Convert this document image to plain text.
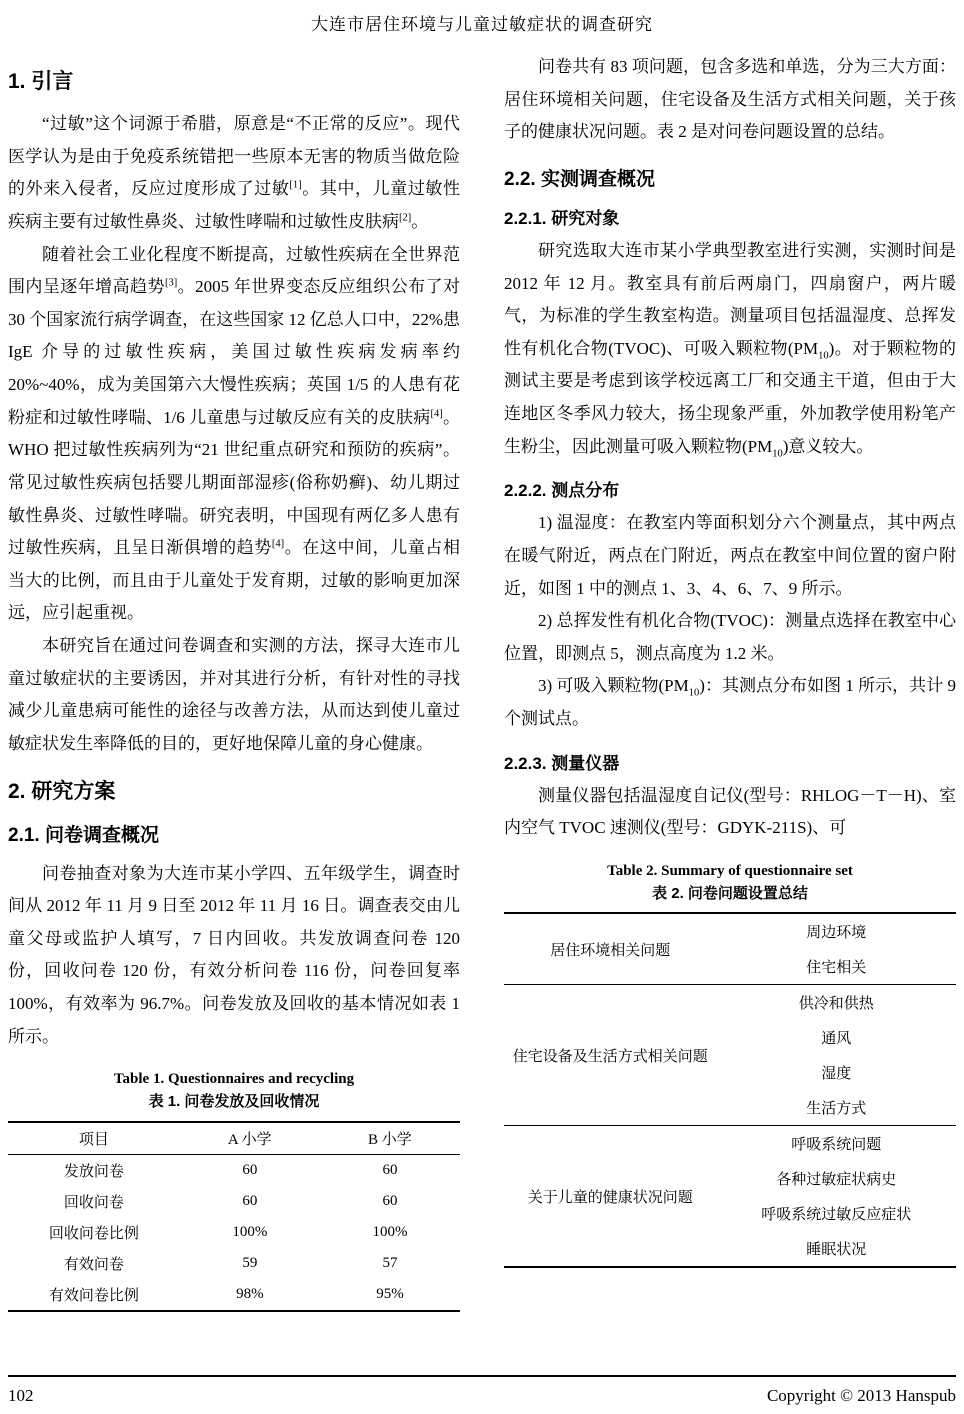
大连市居住环境与儿童过敏症状的调查研究
1. 引言

“过敏”这个词源于希腊，原意是“不正常的反应”。现代医学认为是由于免疫系统错把一些原本无害的物质当做危险的外来入侵者，反应过度形成了过敏[1]。其中，儿童过敏性疾病主要有过敏性鼻炎、过敏性哮喘和过敏性皮肤病[2]。

随着社会工业化程度不断提高，过敏性疾病在全世界范围内呈逐年增高趋势[3]。2005 年世界变态反应组织公布了对 30 个国家流行病学调查，在这些国家 12 亿总人口中，22%患 IgE 介导的过敏性疾病，美国过敏性疾病发病率约 20%~40%，成为美国第六大慢性疾病；英国 1/5 的人患有花粉症和过敏性哮喘、1/6 儿童患与过敏反应有关的皮肤病[4]。WHO 把过敏性疾病列为“21 世纪重点研究和预防的疾病”。常见过敏性疾病包括婴儿期面部湿疹(俗称奶癣)、幼儿期过敏性鼻炎、过敏性哮喘。研究表明，中国现有两亿多人患有过敏性疾病，且呈日渐俱增的趋势[4]。在这中间，儿童占相当大的比例，而且由于儿童处于发育期，过敏的影响更加深远，应引起重视。

本研究旨在通过问卷调查和实测的方法，探寻大连市儿童过敏症状的主要诱因，并对其进行分析，有针对性的寻找减少儿童患病可能性的途径与改善方法，从而达到使儿童过敏症状发生率降低的目的，更好地保障儿童的身心健康。

2. 研究方案
2.1. 问卷调查概况

问卷抽查对象为大连市某小学四、五年级学生，调查时间从 2012 年 11 月 9 日至 2012 年 11 月 16 日。调查表交由儿童父母或监护人填写，7 日内回收。共发放调查问卷 120 份，回收问卷 120 份，有效分析问卷 116 份，问卷回复率 100%，有效率为 96.7%。问卷发放及回收的基本情况如表 1 所示。

Table 1. Questionnaires and recycling
表 1. 问卷发放及回收情况
项目	A 小学	B 小学
发放问卷	60	60
回收问卷	60	60
回收问卷比例	100%	100%
有效问卷	59	57
有效问卷比例	98%	95%

问卷共有 83 项问题，包含多选和单选，分为三大方面：居住环境相关问题，住宅设备及生活方式相关问题，关于孩子的健康状况问题。表 2 是对问卷问题设置的总结。

2.2. 实测调查概况
2.2.1. 研究对象

研究选取大连市某小学典型教室进行实测，实测时间是 2012 年 12 月。教室具有前后两扇门，四扇窗户，两片暖气，为标准的学生教室构造。测量项目包括温湿度、总挥发性有机化合物(TVOC)、可吸入颗粒物$(PM_{10})$。对于颗粒物的测试主要是考虑到该学校远离工厂和交通主干道，但由于大连地区冬季风力较大，扬尘现象严重，外加教学使用粉笔产生粉尘，因此测量可吸入颗粒物$(PM_{10})$意义较大。

2.2.2. 测点分布

1) 温湿度：在教室内等面积划分六个测量点，其中两点在暖气附近，两点在门附近，两点在教室中间位置的窗户附近，如图 1 中的测点 1、3、4、6、7、9 所示。

2) 总挥发性有机化合物(TVOC)：测量点选择在教室中心位置，即测点 5，测点高度为 1.2 米。

3) 可吸入颗粒物$(PM_{10})$：其测点分布如图 1 所示，共计 9 个测试点。

2.2.3. 测量仪器

测量仪器包括温湿度自记仪(型号：RHLOG－T－H)、室内空气 TVOC 速测仪(型号：GDYK-211S)、可

Table 2. Summary of questionnaire set
表 2. 问卷问题设置总结
居住环境相关问题	周边环境
	住宅相关
住宅设备及生活方式相关问题	供冷和供热
	通风
	湿度
	生活方式
关于儿童的健康状况问题	呼吸系统问题
	各种过敏症状病史
	呼吸系统过敏反应症状
	睡眠状况
102	Copyright © 2013 Hanspub
